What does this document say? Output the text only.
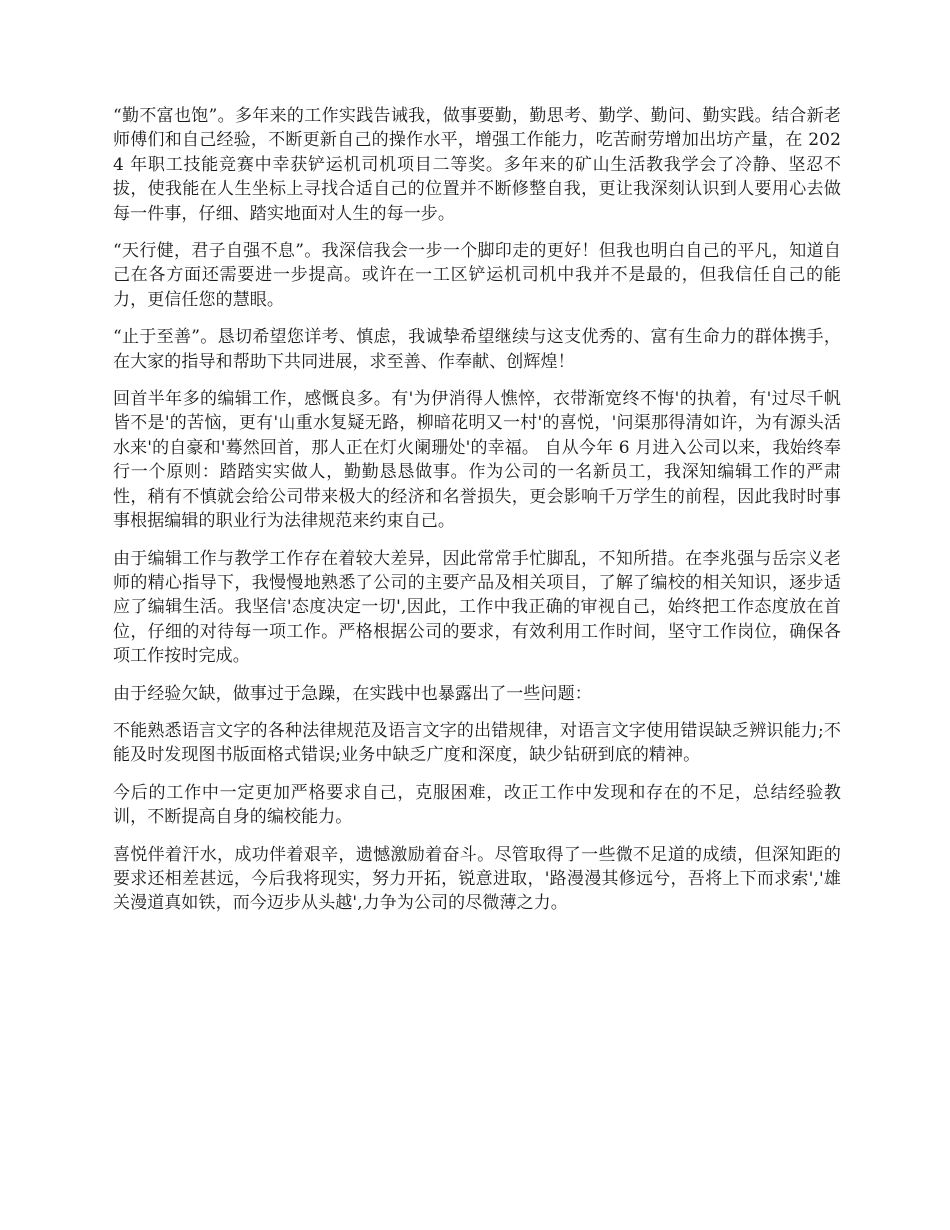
“勤不富也饱”。多年来的工作实践告诫我，做事要勤，勤思考、勤学、勤问、勤实践。结合新老师傅们和自己经验，不断更新自己的操作水平，增强工作能力，吃苦耐劳增加出坊产量，在 2024 年职工技能竞赛中幸获铲运机司机项目二等奖。多年来的矿山生活教我学会了冷静、坚忍不拔，使我能在人生坐标上寻找合适自己的位置并不断修整自我，更让我深刻认识到人要用心去做每一件事，仔细、踏实地面对人生的每一步。

“天行健，君子自强不息”。我深信我会一步一个脚印走的更好！但我也明白自己的平凡，知道自己在各方面还需要进一步提高。或许在一工区铲运机司机中我并不是最的，但我信任自己的能力，更信任您的慧眼。

“止于至善”。恳切希望您详考、慎虑，我诚挚希望继续与这支优秀的、富有生命力的群体携手，在大家的指导和帮助下共同进展，求至善、作奉献、创辉煌！

回首半年多的编辑工作，感慨良多。有'为伊消得人憔悴，衣带渐宽终不悔'的执着，有'过尽千帆皆不是'的苦恼，更有'山重水复疑无路，柳暗花明又一村'的喜悦，'问渠那得清如许，为有源头活水来'的自豪和'蓦然回首，那人正在灯火阑珊处'的幸福。 自从今年 6 月进入公司以来，我始终奉行一个原则：踏踏实实做人，勤勤恳恳做事。作为公司的一名新员工，我深知编辑工作的严肃性，稍有不慎就会给公司带来极大的经济和名誉损失，更会影响千万学生的前程，因此我时时事事根据编辑的职业行为法律规范来约束自己。

由于编辑工作与教学工作存在着较大差异，因此常常手忙脚乱，不知所措。在李兆强与岳宗义老师的精心指导下，我慢慢地熟悉了公司的主要产品及相关项目，了解了编校的相关知识，逐步适应了编辑生活。我坚信'态度决定一切',因此，工作中我正确的审视自己，始终把工作态度放在首位，仔细的对待每一项工作。严格根据公司的要求，有效利用工作时间，坚守工作岗位，确保各项工作按时完成。

由于经验欠缺，做事过于急躁，在实践中也暴露出了一些问题：

不能熟悉语言文字的各种法律规范及语言文字的出错规律，对语言文字使用错误缺乏辨识能力;不能及时发现图书版面格式错误;业务中缺乏广度和深度，缺少钻研到底的精神。

今后的工作中一定更加严格要求自己，克服困难，改正工作中发现和存在的不足，总结经验教训，不断提高自身的编校能力。

喜悦伴着汗水，成功伴着艰辛，遗憾激励着奋斗。尽管取得了一些微不足道的成绩，但深知距的要求还相差甚远，今后我将现实，努力开拓，锐意进取，'路漫漫其修远兮，吾将上下而求索','雄关漫道真如铁，而今迈步从头越',力争为公司的尽微薄之力。
